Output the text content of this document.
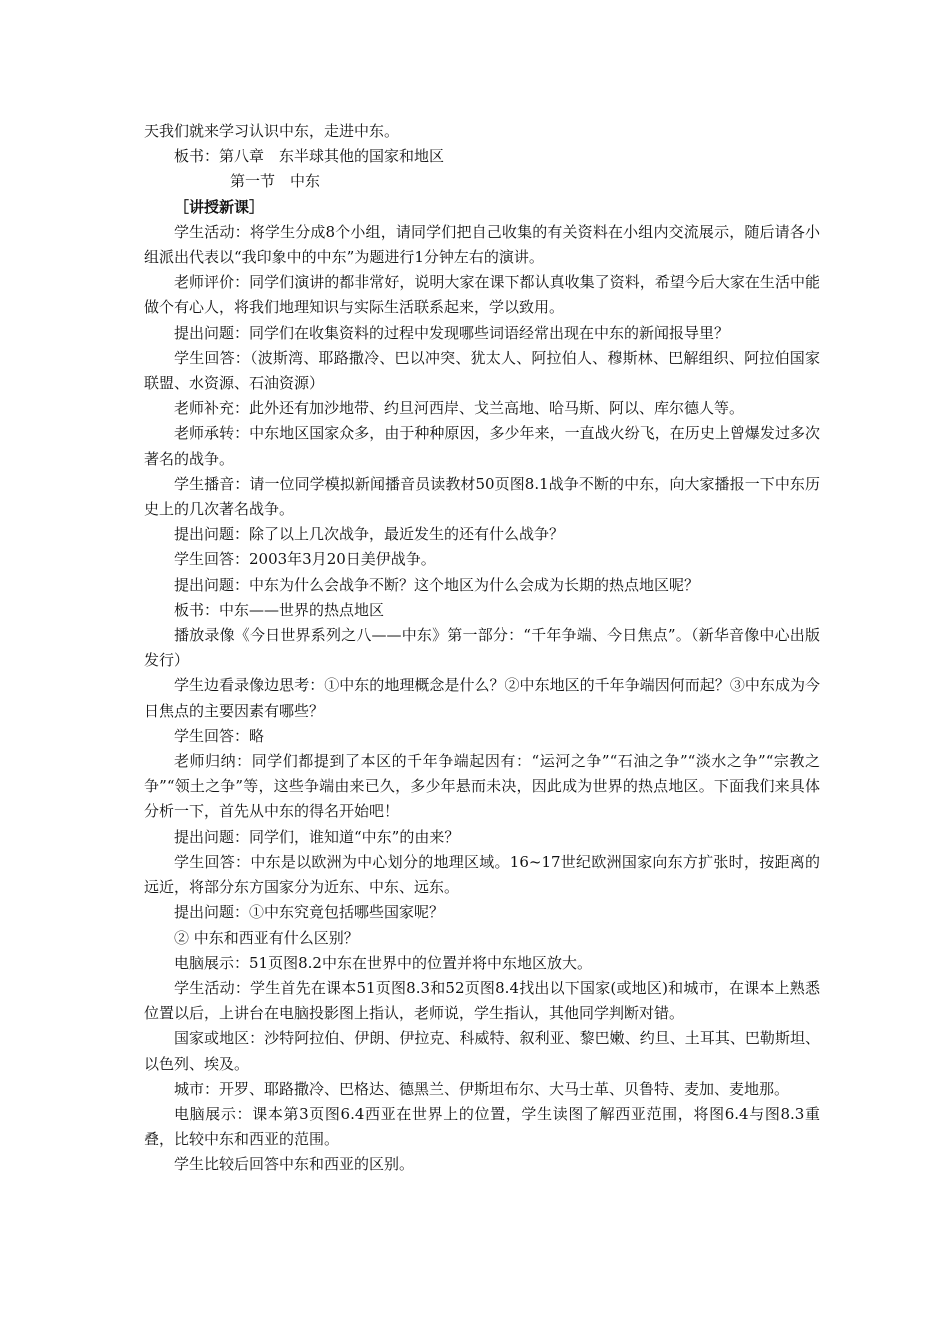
天我们就来学习认识中东，走进中东。

板书：第八章　东半球其他的国家和地区

第一节　中东

［讲授新课］

学生活动：将学生分成8个小组，请同学们把自己收集的有关资料在小组内交流展示，随后请各小组派出代表以“我印象中的中东”为题进行1分钟左右的演讲。

老师评价：同学们演讲的都非常好，说明大家在课下都认真收集了资料，希望今后大家在生活中能做个有心人，将我们地理知识与实际生活联系起来，学以致用。

提出问题：同学们在收集资料的过程中发现哪些词语经常出现在中东的新闻报导里？

学生回答：（波斯湾、耶路撒冷、巴以冲突、犹太人、阿拉伯人、穆斯林、巴解组织、阿拉伯国家联盟、水资源、石油资源）

老师补充：此外还有加沙地带、约旦河西岸、戈兰高地、哈马斯、阿以、库尔德人等。

老师承转：中东地区国家众多，由于种种原因，多少年来，一直战火纷飞，在历史上曾爆发过多次著名的战争。

学生播音：请一位同学模拟新闻播音员读教材50页图8.1战争不断的中东，向大家播报一下中东历史上的几次著名战争。

提出问题：除了以上几次战争，最近发生的还有什么战争？

学生回答：2003年3月20日美伊战争。

提出问题：中东为什么会战争不断？这个地区为什么会成为长期的热点地区呢？

板书：中东——世界的热点地区

播放录像《今日世界系列之八——中东》第一部分：“千年争端、今日焦点”。（新华音像中心出版发行）

学生边看录像边思考：①中东的地理概念是什么？②中东地区的千年争端因何而起？③中东成为今日焦点的主要因素有哪些？

学生回答：略

老师归纳：同学们都提到了本区的千年争端起因有：“运河之争”“石油之争”“淡水之争”“宗教之争”“领土之争”等，这些争端由来已久，多少年悬而未决，因此成为世界的热点地区。下面我们来具体分析一下，首先从中东的得名开始吧！

提出问题：同学们，谁知道“中东”的由来？

学生回答：中东是以欧洲为中心划分的地理区域。16~17世纪欧洲国家向东方扩张时，按距离的远近，将部分东方国家分为近东、中东、远东。

提出问题：①中东究竟包括哪些国家呢？

② 中东和西亚有什么区别？

电脑展示：51页图8.2中东在世界中的位置并将中东地区放大。

学生活动：学生首先在课本51页图8.3和52页图8.4找出以下国家(或地区)和城市，在课本上熟悉位置以后，上讲台在电脑投影图上指认，老师说，学生指认，其他同学判断对错。

国家或地区：沙特阿拉伯、伊朗、伊拉克、科威特、叙利亚、黎巴嫩、约旦、土耳其、巴勒斯坦、以色列、埃及。

城市：开罗、耶路撒冷、巴格达、德黑兰、伊斯坦布尔、大马士革、贝鲁特、麦加、麦地那。

电脑展示：课本第3页图6.4西亚在世界上的位置，学生读图了解西亚范围，将图6.4与图8.3重叠，比较中东和西亚的范围。

学生比较后回答中东和西亚的区别。
